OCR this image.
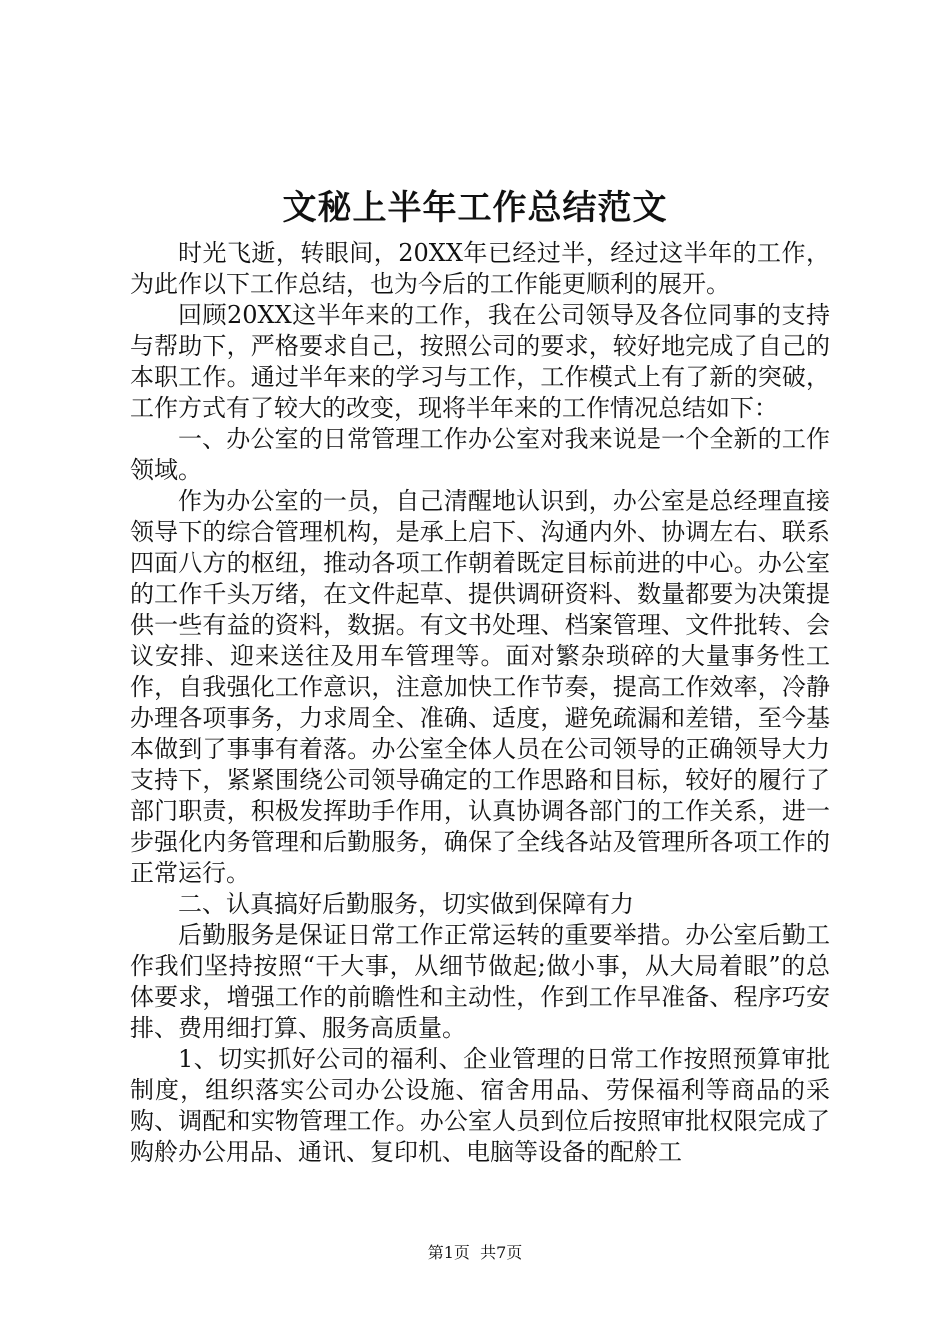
文秘上半年工作总结范文

时光飞逝，转眼间，20XX年已经过半，经过这半年的工作，为此作以下工作总结，也为今后的工作能更顺利的展开。

回顾20XX这半年来的工作，我在公司领导及各位同事的支持与帮助下，严格要求自己，按照公司的要求，较好地完成了自己的本职工作。通过半年来的学习与工作，工作模式上有了新的突破，工作方式有了较大的改变，现将半年来的工作情况总结如下：

一、办公室的日常管理工作办公室对我来说是一个全新的工作领域。

作为办公室的一员，自己清醒地认识到，办公室是总经理直接领导下的综合管理机构，是承上启下、沟通内外、协调左右、联系四面八方的枢纽，推动各项工作朝着既定目标前进的中心。办公室的工作千头万绪，在文件起草、提供调研资料、数量都要为决策提供一些有益的资料，数据。有文书处理、档案管理、文件批转、会议安排、迎来送往及用车管理等。面对繁杂琐碎的大量事务性工作，自我强化工作意识，注意加快工作节奏，提高工作效率，冷静办理各项事务，力求周全、准确、适度，避免疏漏和差错，至今基本做到了事事有着落。办公室全体人员在公司领导的正确领导大力支持下，紧紧围绕公司领导确定的工作思路和目标，较好的履行了部门职责，积极发挥助手作用，认真协调各部门的工作关系，进一步强化内务管理和后勤服务，确保了全线各站及管理所各项工作的正常运行。

二、认真搞好后勤服务，切实做到保障有力

后勤服务是保证日常工作正常运转的重要举措。办公室后勤工作我们坚持按照“干大事，从细节做起;做小事，从大局着眼”的总体要求，增强工作的前瞻性和主动性，作到工作早准备、程序巧安排、费用细打算、服务高质量。

1、切实抓好公司的福利、企业管理的日常工作按照预算审批制度，组织落实公司办公设施、宿舍用品、劳保福利等商品的采购、调配和实物管理工作。办公室人员到位后按照审批权限完成了购舲办公用品、通讯、复印机、电脑等设备的配舲工

第1页  共7页
